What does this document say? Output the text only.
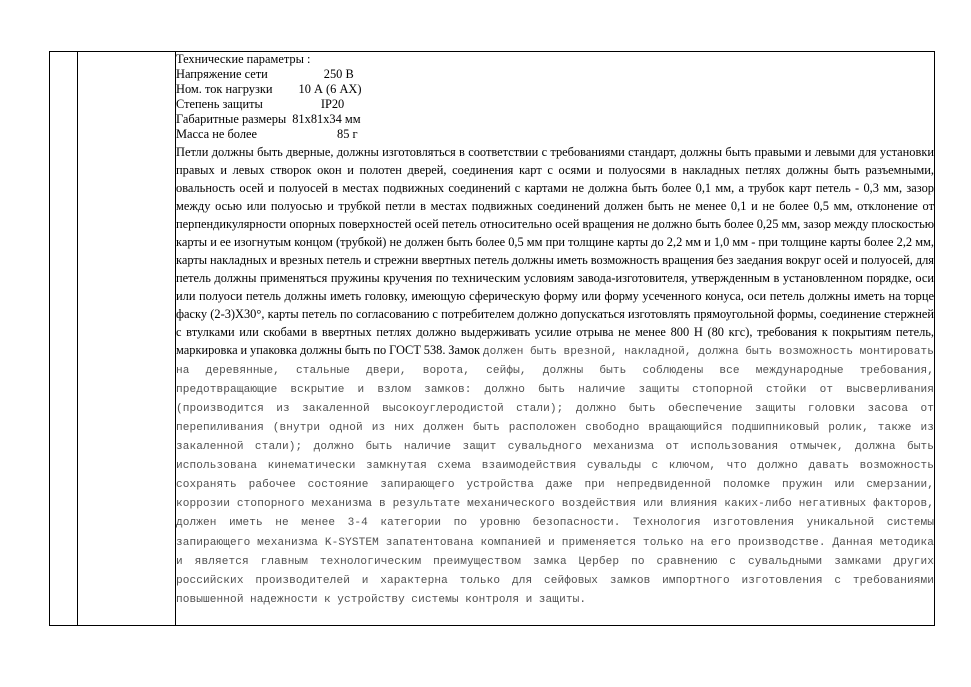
Технические параметры :
Напряжение сети	250 В
Ном. ток нагрузки 10 А (6 АХ)
Степень защиты	IP20
Габаритные размеры 81x81x34 мм
Масса не более	85 г
Петли должны быть дверные, должны изготовляться в соответствии с требованиями стандарт, должны быть правыми и левыми для установки правых и левых створок окон и полотен дверей, соединения карт с осями и полуосями в накладных петлях должны быть разъемными, овальность осей и полуосей в местах подвижных соединений с картами не должна быть более 0,1 мм, а трубок карт петель - 0,3 мм, зазор между осью или полуосью и трубкой петли в местах подвижных соединений должен быть не менее 0,1 и не более 0,5 мм, отклонение от перпендикулярности опорных поверхностей осей петель относительно осей вращения не должно быть более 0,25 мм, зазор между плоскостью карты и ее изогнутым концом (трубкой) не должен быть более 0,5 мм при толщине карты до 2,2 мм и 1,0 мм - при толщине карты более 2,2 мм, карты накладных и врезных петель и стрежни ввертных петель должны иметь возможность вращения без заедания вокруг осей и полуосей, для петель должны применяться пружины кручения по техническим условиям завода-изготовителя, утвержденным в установленном порядке, оси или полуоси петель должны иметь головку, имеющую сферическую форму или форму усеченного конуса, оси петель должны иметь на торце фаску (2-3)Х30°, карты петель по согласованию с потребителем должно допускаться изготовлять прямоугольной формы, соединение стержней с втулками или скобами в ввертных петлях должно выдерживать усилие отрыва не менее 800 Н (80 кгс), требования к покрытиям петель, маркировка и упаковка должны быть по ГОСТ 538. Замок должен быть врезной, накладной, должна быть возможность монтировать на деревянные, стальные двери, ворота, сейфы, должны быть соблюдены все международные требования, предотвращающие вскрытие и взлом замков: должно быть наличие защиты стопорной стойки от высверливания (производится из закаленной высокоуглеродистой стали); должно быть обеспечение защиты головки засова от перепиливания (внутри одной из них должен быть расположен свободно вращающийся подшипниковый ролик, также из закаленной стали); должно быть наличие защит сувальдного механизма от использования отмычек, должна быть использована кинематически замкнутая схема взаимодействия сувальды с ключом, что должно давать возможность сохранять рабочее состояние запирающего устройства даже при непредвиденной поломке пружин или смерзании, коррозии стопорного механизма в результате механического воздействия или влияния каких-либо негативных факторов, должен иметь не менее 3-4 категории по уровню безопасности. Технология изготовления уникальной системы запирающего механизма K-SYSTEM запатентована компанией и применяется только на его производстве. Данная методика и является главным технологическим преимуществом замка Цербер по сравнению с сувальдными замками других российских производителей и характерна только для сейфовых замков импортного изготовления с требованиями повышенной надежности к устройству системы контроля и защиты.
